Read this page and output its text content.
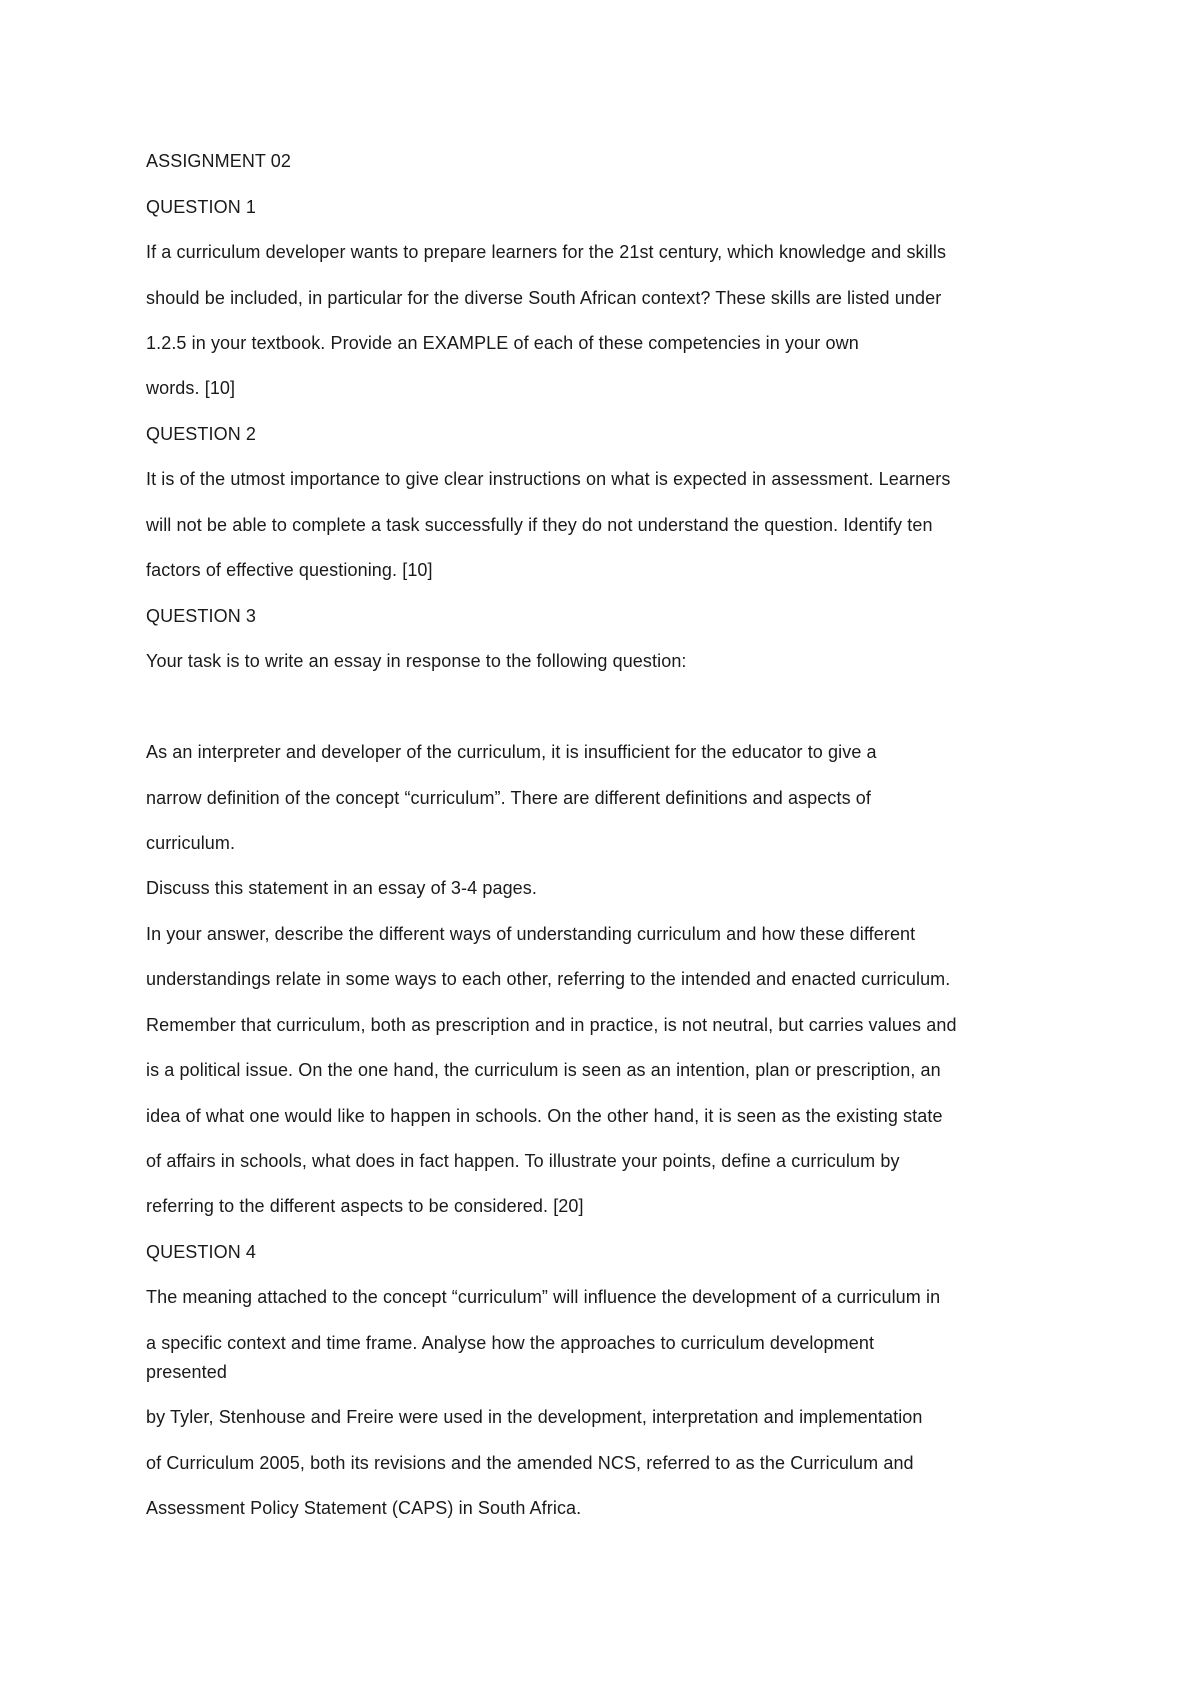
ASSIGNMENT 02
QUESTION 1
If a curriculum developer wants to prepare learners for the 21st century, which knowledge and skills
should be included, in particular for the diverse South African context? These skills are listed under
1.2.5 in your textbook. Provide an EXAMPLE of each of these competencies in your own
words. [10]
QUESTION 2
It is of the utmost importance to give clear instructions on what is expected in assessment. Learners
will not be able to complete a task successfully if they do not understand the question. Identify ten
factors of effective questioning. [10]
QUESTION 3
Your task is to write an essay in response to the following question:
As an interpreter and developer of the curriculum, it is insufficient for the educator to give a
narrow definition of the concept “curriculum”. There are different definitions and aspects of
curriculum.
Discuss this statement in an essay of 3-4 pages.
In your answer, describe the different ways of understanding curriculum and how these different
understandings relate in some ways to each other, referring to the intended and enacted curriculum.
Remember that curriculum, both as prescription and in practice, is not neutral, but carries values and
is a political issue. On the one hand, the curriculum is seen as an intention, plan or prescription, an
idea of what one would like to happen in schools. On the other hand, it is seen as the existing state
of affairs in schools, what does in fact happen. To illustrate your points, define a curriculum by
referring to the different aspects to be considered. [20]
QUESTION 4
The meaning attached to the concept “curriculum” will influence the development of a curriculum in
a specific context and time frame. Analyse how the approaches to curriculum development
presented
by Tyler, Stenhouse and Freire were used in the development, interpretation and implementation
of Curriculum 2005, both its revisions and the amended NCS, referred to as the Curriculum and
Assessment Policy Statement (CAPS) in South Africa.
